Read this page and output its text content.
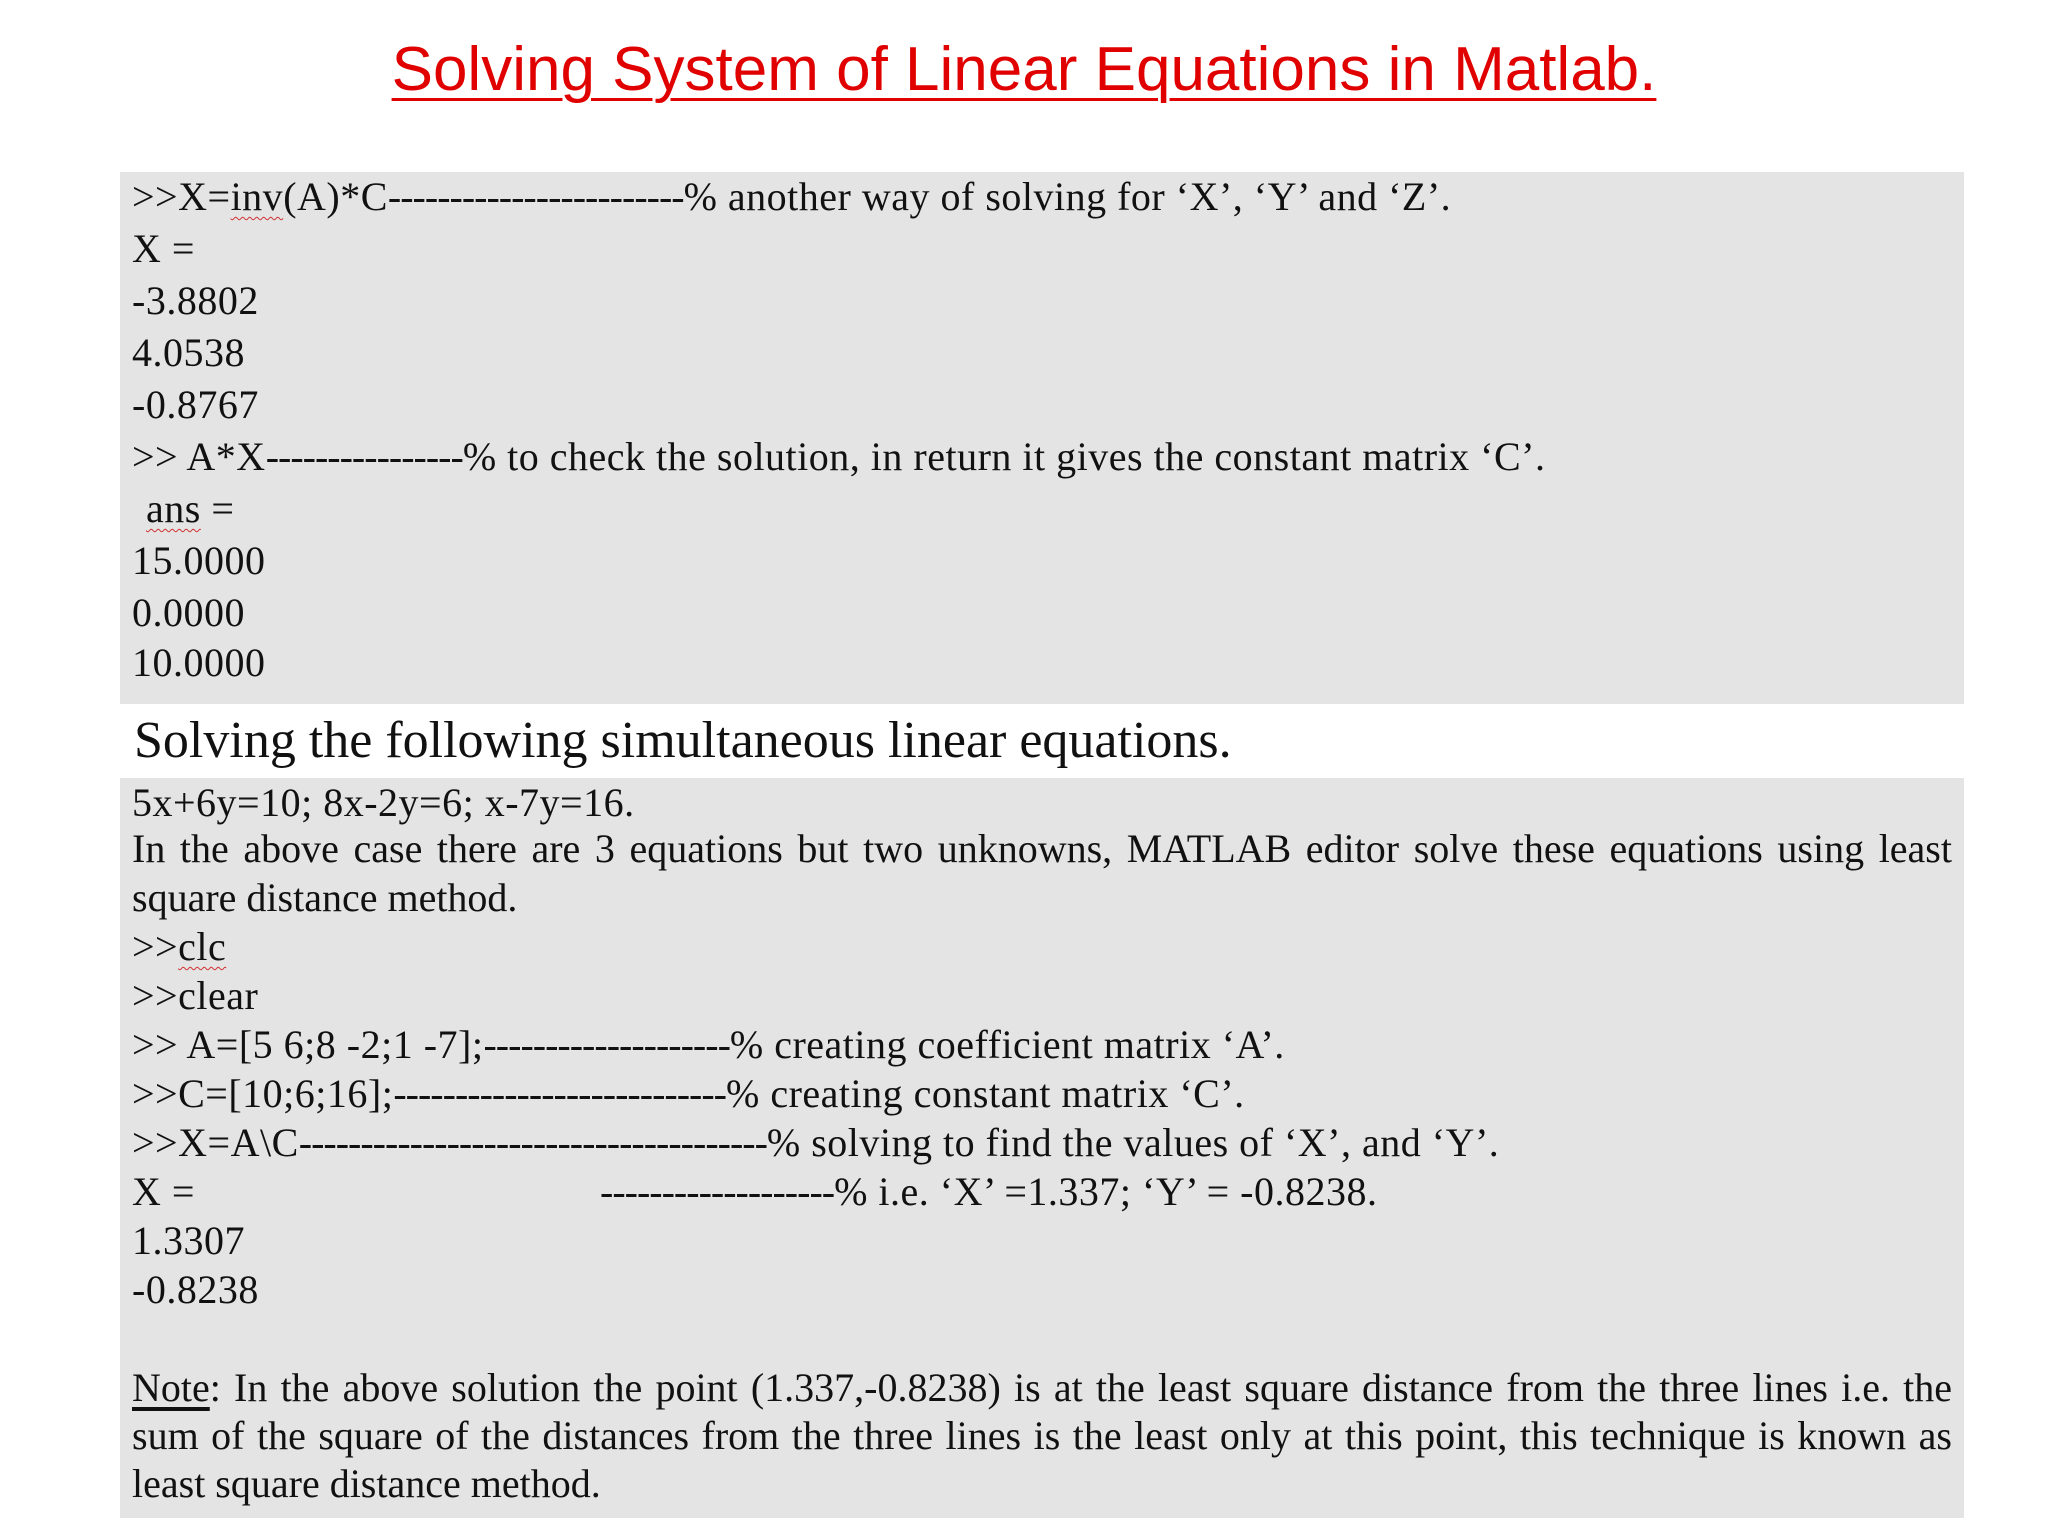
Solving System of Linear Equations in Matlab.
>>X=inv(A)*C------------------------% another way of solving for ‘X’, ‘Y’ and ‘Z’.
X =
-3.8802
4.0538
-0.8767
>> A*X----------------% to check the solution, in return it gives the constant matrix ‘C’.
ans =
15.0000
0.0000
10.0000
Solving the following simultaneous linear equations.
5x+6y=10; 8x-2y=6; x-7y=16.
In the above case there are 3 equations but two unknowns, MATLAB editor solve these equations using least square distance method.
>>clc
>>clear
>> A=[5 6;8 -2;1 -7];--------------------% creating coefficient matrix ‘A’.
>>C=[10;6;16];---------------------------% creating constant matrix ‘C’.
>>X=A\C--------------------------------------% solving to find the values of ‘X’, and ‘Y’.
X =	-------------------% i.e. ‘X’ =1.337; ‘Y’ = -0.8238.
1.3307
-0.8238
Note: In the above solution the point (1.337,-0.8238) is at the least square distance from the three lines i.e. the sum of the square of the distances from the three lines is the least only at this point, this technique is known as least square distance method.
